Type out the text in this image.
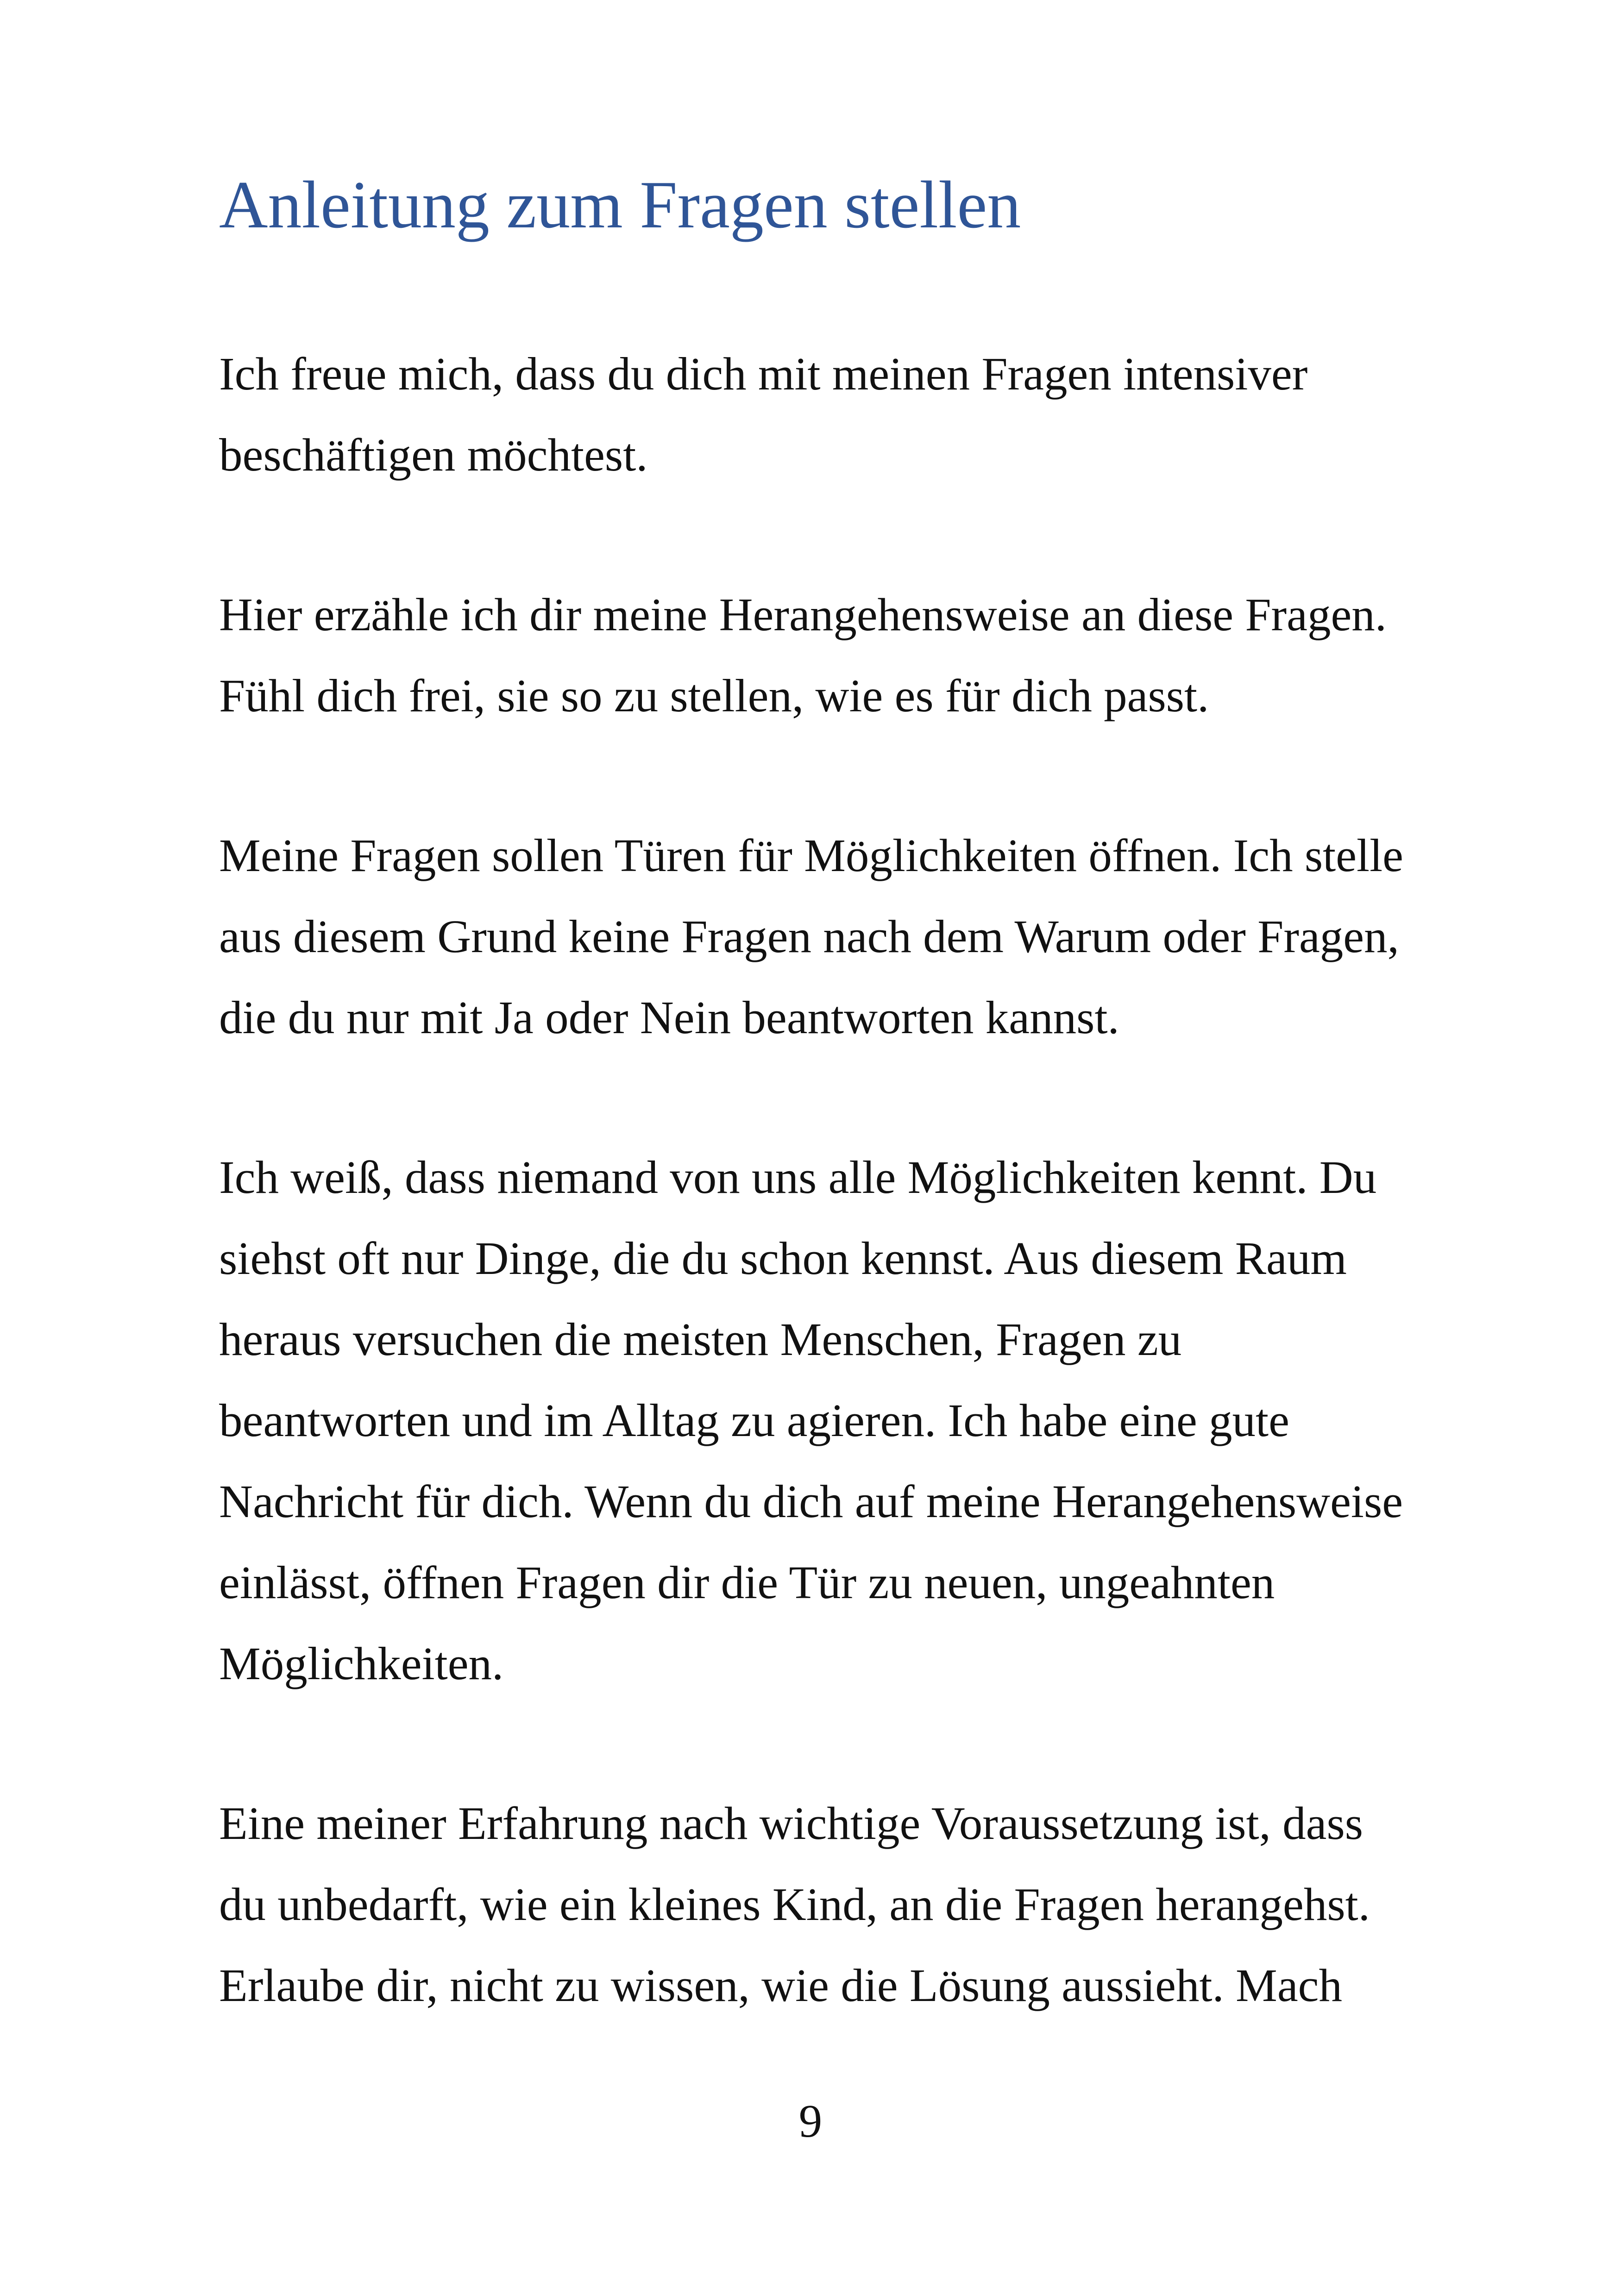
Anleitung zum Fragen stellen

Ich freue mich, dass du dich mit meinen Fragen intensiver
beschäftigen möchtest.

Hier erzähle ich dir meine Herangehensweise an diese Fragen.
Fühl dich frei, sie so zu stellen, wie es für dich passt.

Meine Fragen sollen Türen für Möglichkeiten öffnen. Ich stelle
aus diesem Grund keine Fragen nach dem Warum oder Fragen,
die du nur mit Ja oder Nein beantworten kannst.

Ich weiß, dass niemand von uns alle Möglichkeiten kennt. Du
siehst oft nur Dinge, die du schon kennst. Aus diesem Raum
heraus versuchen die meisten Menschen, Fragen zu
beantworten und im Alltag zu agieren. Ich habe eine gute
Nachricht für dich. Wenn du dich auf meine Herangehensweise
einlässt, öffnen Fragen dir die Tür zu neuen, ungeahnten
Möglichkeiten.

Eine meiner Erfahrung nach wichtige Voraussetzung ist, dass
du unbedarft, wie ein kleines Kind, an die Fragen herangehst.
Erlaube dir, nicht zu wissen, wie die Lösung aussieht. Mach

9
